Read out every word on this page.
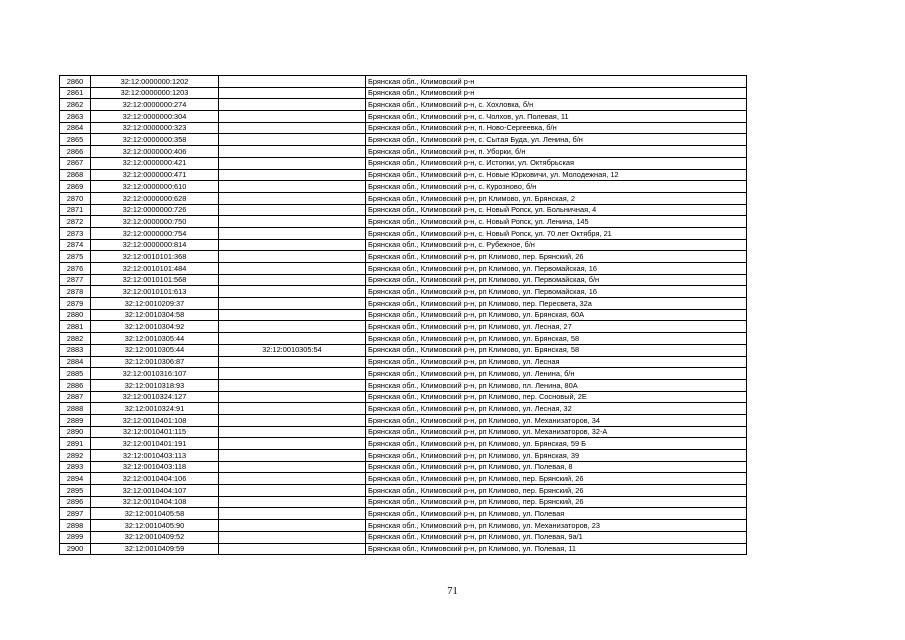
2860	32:12:0000000:1202		Брянская обл., Климовский р-н
2861	32:12:0000000:1203		Брянская обл., Климовский р-н
2862	32:12:0000000:274		Брянская обл., Климовский р-н, с. Хохловка, б/н
2863	32:12:0000000:304		Брянская обл., Климовский р-н, с. Чолхов, ул. Полевая, 11
2864	32:12:0000000:323		Брянская обл., Климовский р-н, п. Ново-Сергеевка, б/н
2865	32:12:0000000:358		Брянская обл., Климовский р-н, с. Сытая Буда, ул. Ленина, б/н
2866	32:12:0000000:406		Брянская обл., Климовский р-н, п. Уборки, б/н
2867	32:12:0000000:421		Брянская обл., Климовский р-н, с. Истопки, ул. Октябрьская
2868	32:12:0000000:471		Брянская обл., Климовский р-н, с. Новые Юрковичи, ул. Молодежная, 12
2869	32:12:0000000:610		Брянская обл., Климовский р-н, с. Курозново, б/н
2870	32:12:0000000:628		Брянская обл., Климовский р-н, рп Климово, ул. Брянская, 2
2871	32:12:0000000:726		Брянская обл., Климовский р-н, с. Новый Ропск, ул. Больничная, 4
2872	32:12:0000000:750		Брянская обл., Климовский р-н, с. Новый Ропск, ул. Ленина, 145
2873	32:12:0000000:754		Брянская обл., Климовский р-н, с. Новый Ропск, ул. 70 лет Октября, 21
2874	32:12:0000000:814		Брянская обл., Климовский р-н, с. Рубежное, б/н
2875	32:12:0010101:368		Брянская обл., Климовский р-н, рп Климово, пер. Брянский, 26
2876	32:12:0010101:484		Брянская обл., Климовский р-н, рп Климово, ул. Первомайская, 16
2877	32:12:0010101:568		Брянская обл., Климовский р-н, рп Климово, ул. Первомайская, б/н
2878	32:12:0010101:613		Брянская обл., Климовский р-н, рп Климово, ул. Первомайская, 16
2879	32:12:0010209:37		Брянская обл., Климовский р-н, рп Климово, пер. Пересвета, 32а
2880	32:12:0010304:58		Брянская обл., Климовский р-н, рп Климово, ул. Брянская, 60А
2881	32:12:0010304:92		Брянская обл., Климовский р-н, рп Климово, ул. Лесная, 27
2882	32:12:0010305:44		Брянская обл., Климовский р-н, рп Климово, ул. Брянская, 58
2883	32:12:0010305:44	32:12:0010305:54	Брянская обл., Климовский р-н, рп Климово, ул. Брянская, 58
2884	32:12:0010306:87		Брянская обл., Климовский р-н, рп Климово, ул. Лесная
2885	32:12:0010316:107		Брянская обл., Климовский р-н, рп Климово, ул. Ленина, б/н
2886	32:12:0010318:93		Брянская обл., Климовский р-н, рп Климово, пл. Ленина, 80А
2887	32:12:0010324:127		Брянская обл., Климовский р-н, рп Климово, пер. Сосновый, 2Е
2888	32:12:0010324:91		Брянская обл., Климовский р-н, рп Климово, ул. Лесная, 32
2889	32:12:0010401:108		Брянская обл., Климовский р-н, рп Климово, ул. Механизаторов, 34
2890	32:12:0010401:115		Брянская обл., Климовский р-н, рп Климово, ул. Механизаторов, 32-А
2891	32:12:0010401:191		Брянская обл., Климовский р-н, рп Климово, ул. Брянская, 59 Б
2892	32:12:0010403:113		Брянская обл., Климовский р-н, рп Климово, ул. Брянская, 39
2893	32:12:0010403:118		Брянская обл., Климовский р-н, рп Климово, ул. Полевая, 8
2894	32:12:0010404:106		Брянская обл., Климовский р-н, рп Климово, пер. Брянский, 26
2895	32:12:0010404:107		Брянская обл., Климовский р-н, рп Климово, пер. Брянский, 26
2896	32:12:0010404:108		Брянская обл., Климовский р-н, рп Климово, пер. Брянский, 26
2897	32:12:0010405:58		Брянская обл., Климовский р-н, рп Климово, ул. Полевая
2898	32:12:0010405:90		Брянская обл., Климовский р-н, рп Климово, ул. Механизаторов, 23
2899	32:12:0010409:52		Брянская обл., Климовский р-н, рп Климово, ул. Полевая, 9а/1
2900	32:12:0010409:59		Брянская обл., Климовский р-н, рп Климово, ул. Полевая, 11
71
